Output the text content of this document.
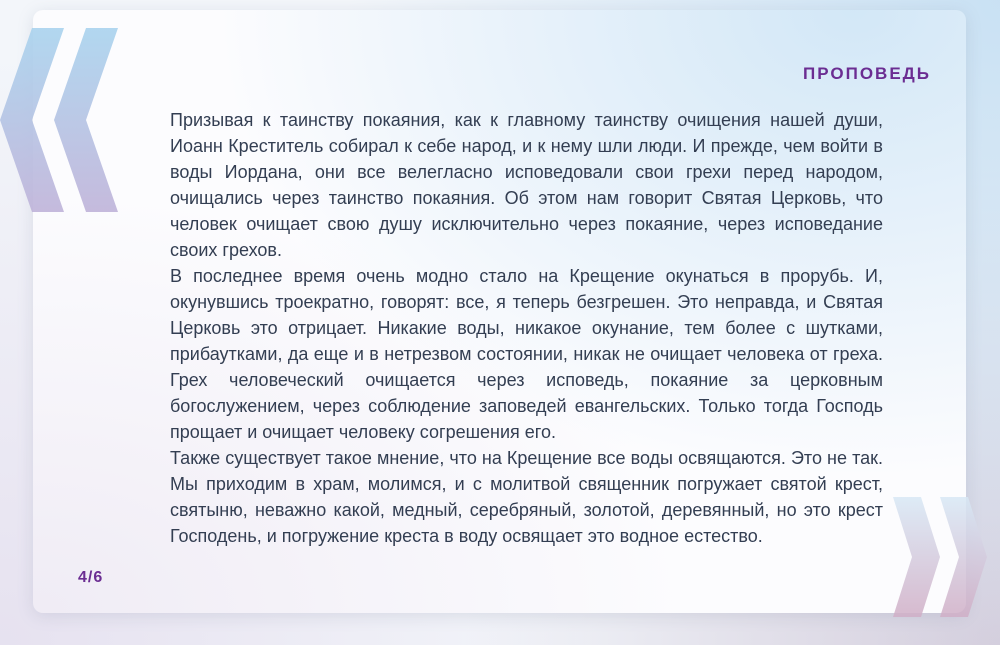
ПРОПОВЕДЬ

Призывая к таинству покаяния, как к главному таинству очищения нашей души, Иоанн Креститель собирал к себе народ, и к нему шли люди. И прежде, чем войти в воды Иордана, они все велегласно исповедовали свои грехи перед народом, очищались через таинство покаяния. Об этом нам говорит Святая Церковь, что человек очищает свою душу исключительно через покаяние, через исповедание своих грехов.

В последнее время очень модно стало на Крещение окунаться в прорубь. И, окунувшись троекратно, говорят: все, я теперь безгрешен. Это неправда, и Святая Церковь это отрицает. Никакие воды, никакое окунание, тем более с шутками, прибаутками, да еще и в нетрезвом состоянии, никак не очищает человека от греха. Грех человеческий очищается через исповедь, покаяние за церковным богослужением, через соблюдение заповедей евангельских. Только тогда Господь прощает и очищает человеку согрешения его.

Также существует такое мнение, что на Крещение все воды освящаются. Это не так. Мы приходим в храм, молимся, и с молитвой священник погружает святой крест, святыню, неважно какой, медный, серебряный, золотой, деревянный, но это крест Господень, и погружение креста в воду освящает это водное естество.

4/6
